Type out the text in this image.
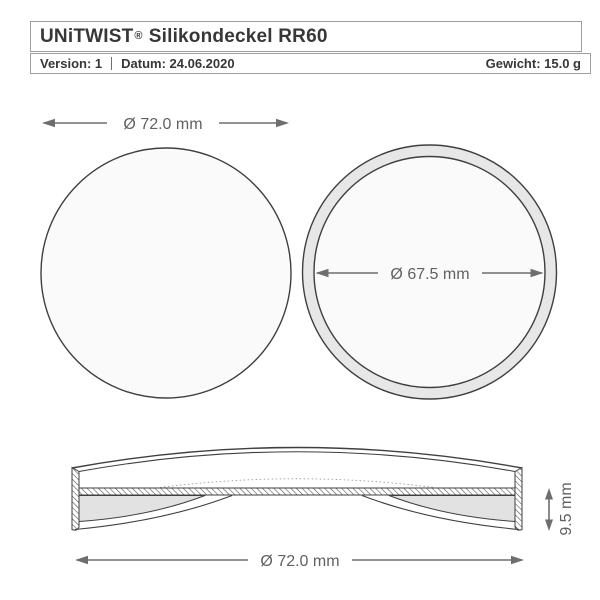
UNiTWIST® Silikondeckel RR60
Version: 1 Datum: 24.06.2020	Gewicht: 15.0 g
Ø 72.0 mm
Ø 67.5 mm
9.5 mm
Ø 72.0 mm
